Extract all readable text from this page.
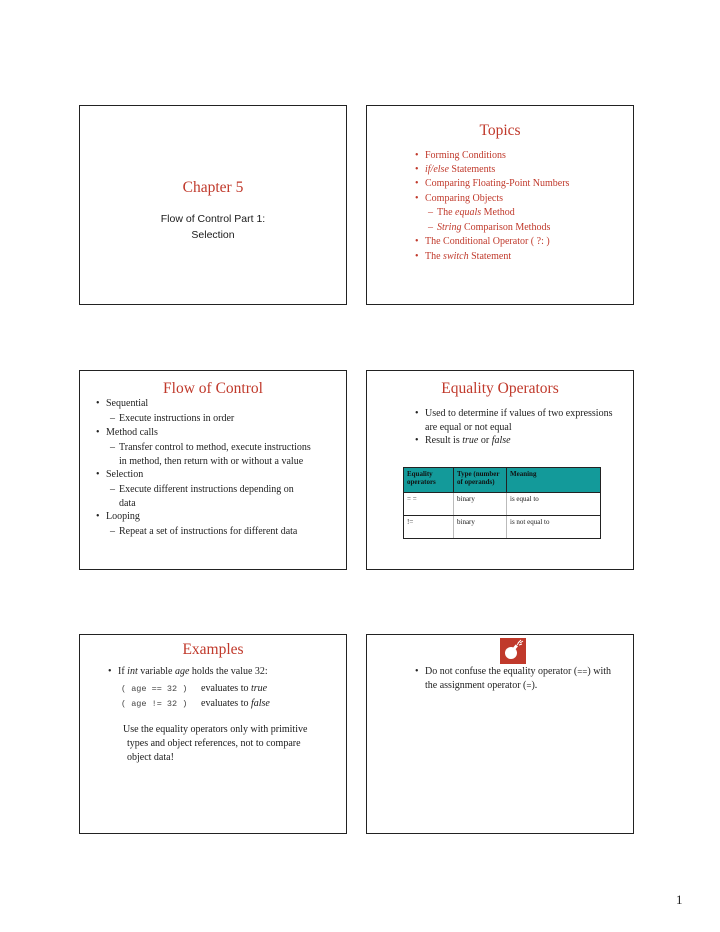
Chapter 5
Flow of Control Part 1:
Selection
Topics
• Forming Conditions
• if/else Statements
• Comparing Floating-Point Numbers
• Comparing Objects
– The equals Method
– String Comparison Methods
• The Conditional Operator ( ?: )
• The switch Statement
Flow of Control
• Sequential
– Execute instructions in order
• Method calls
– Transfer control to method, execute instructions
in method, then return with or without a value
• Selection
– Execute different instructions depending on
data
• Looping
– Repeat a set of instructions for different data
Equality Operators
• Used to determine if values of two expressions
are equal or not equal
• Result is true or false
Equality operators	Type (number of operands)	Meaning
= =	binary	is equal to
!=	binary	is not equal to
Examples
• If int variable age holds the value 32:
( age == 32 ) evaluates to true
( age != 32 ) evaluates to false
Use the equality operators only with primitive
types and object references, not to compare
object data!
• Do not confuse the equality operator (==) with
the assignment operator (=).
1
